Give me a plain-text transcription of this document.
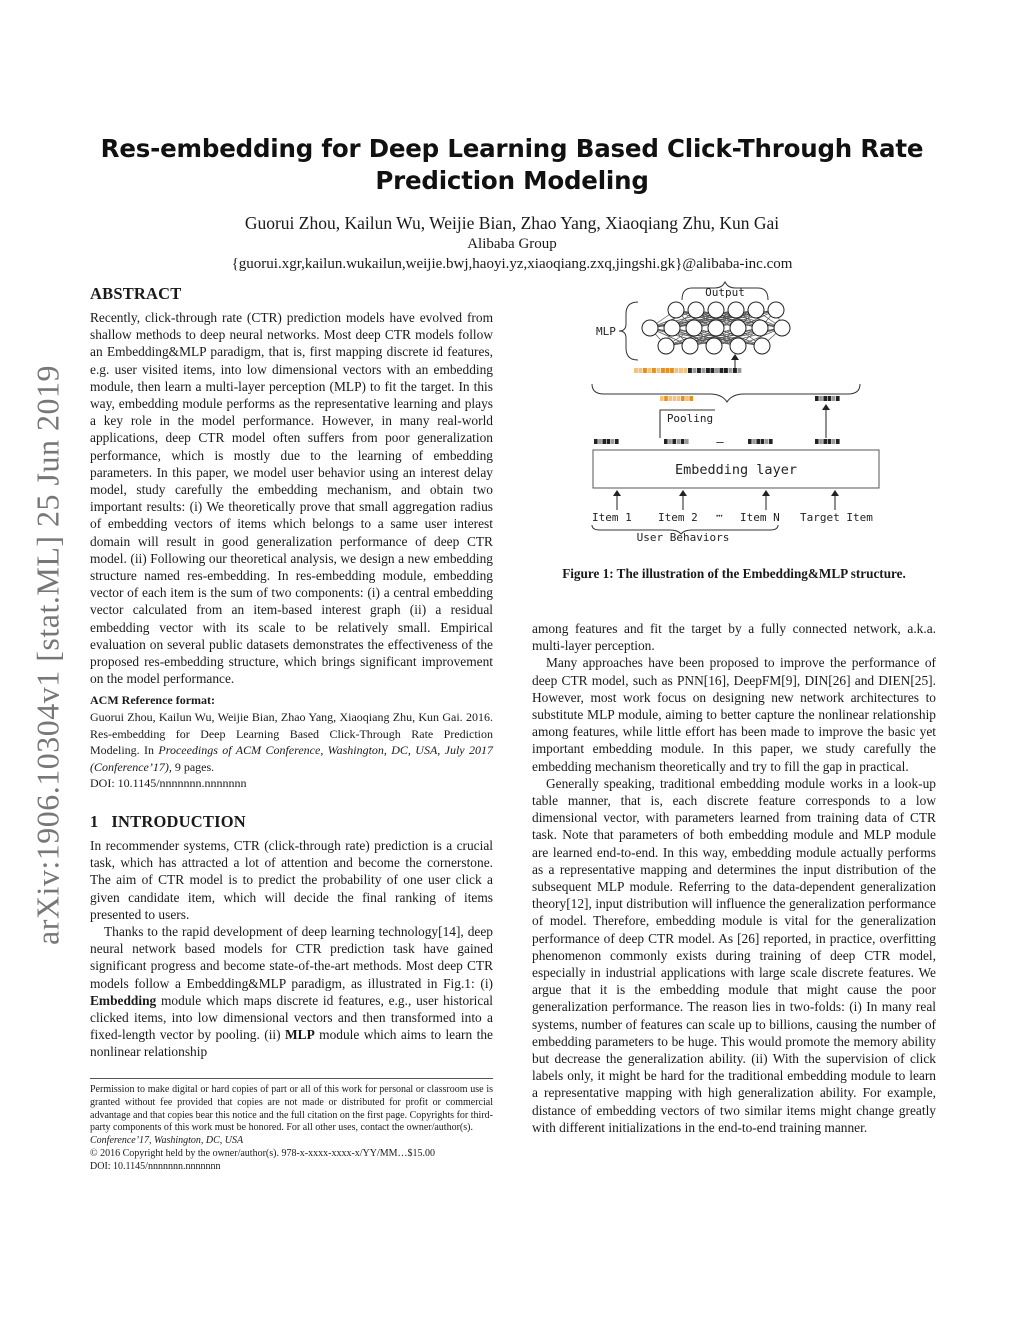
Res-embedding for Deep Learning Based Click-Through Rate Prediction Modeling
Guorui Zhou, Kailun Wu, Weijie Bian, Zhao Yang, Xiaoqiang Zhu, Kun Gai
Alibaba Group
{guorui.xgr,kailun.wukailun,weijie.bwj,haoyi.yz,xiaoqiang.zxq,jingshi.gk}@alibaba-inc.com
arXiv:1906.10304v1 [stat.ML] 25 Jun 2019
ABSTRACT

Recently, click-through rate (CTR) prediction models have evolved from shallow methods to deep neural networks. Most deep CTR models follow an Embedding&MLP paradigm, that is, first mapping discrete id features, e.g. user visited items, into low dimensional vectors with an embedding module, then learn a multi-layer perception (MLP) to fit the target. In this way, embedding module performs as the representative learning and plays a key role in the model performance. However, in many real-world applications, deep CTR model often suffers from poor generalization performance, which is mostly due to the learning of embedding parameters. In this paper, we model user behavior using an interest delay model, study carefully the embedding mechanism, and obtain two important results: (i) We theoretically prove that small aggregation radius of embedding vectors of items which belongs to a same user interest domain will result in good generalization performance of deep CTR model. (ii) Following our theoretical analysis, we design a new embedding structure named res-embedding. In res-embedding module, embedding vector of each item is the sum of two components: (i) a central embedding vector calculated from an item-based interest graph (ii) a residual embedding vector with its scale to be relatively small. Empirical evaluation on several public datasets demonstrates the effectiveness of the proposed res-embedding structure, which brings significant improvement on the model performance.

ACM Reference format:

Guorui Zhou, Kailun Wu, Weijie Bian, Zhao Yang, Xiaoqiang Zhu, Kun Gai. 2016. Res-embedding for Deep Learning Based Click-Through Rate Prediction Modeling. In Proceedings of ACM Conference, Washington, DC, USA, July 2017 (Conference’17), 9 pages.
DOI: 10.1145/nnnnnnn.nnnnnnn

1   INTRODUCTION

In recommender systems, CTR (click-through rate) prediction is a crucial task, which has attracted a lot of attention and become the cornerstone. The aim of CTR model is to predict the probability of one user click a given candidate item, which will decide the final ranking of items presented to users.

Thanks to the rapid development of deep learning technology[14], deep neural network based models for CTR prediction task have gained significant progress and become state-of-the-art methods. Most deep CTR models follow a Embedding&MLP paradigm, as illustrated in Fig.1: (i) Embedding module which maps discrete id features, e.g., user historical clicked items, into low dimensional vectors and then transformed into a fixed-length vector by pooling. (ii) MLP module which aims to learn the nonlinear relationship

Permission to make digital or hard copies of part or all of this work for personal or classroom use is granted without fee provided that copies are not made or distributed for profit or commercial advantage and that copies bear this notice and the full citation on the first page. Copyrights for third-party components of this work must be honored. For all other uses, contact the owner/author(s).

Conference’17, Washington, DC, USA

© 2016 Copyright held by the owner/author(s). 978-x-xxxx-xxxx-x/YY/MM…$15.00

DOI: 10.1145/nnnnnnn.nnnnnnn

Output
MLP
Pooling
–
Embedding layer
Item 1 Item 2 ⋯ Item N Target Item
User Behaviors
Figure 1: The illustration of the Embedding&MLP structure.

among features and fit the target by a fully connected network, a.k.a. multi-layer perception.

Many approaches have been proposed to improve the performance of deep CTR model, such as PNN[16], DeepFM[9], DIN[26] and DIEN[25]. However, most work focus on designing new network architectures to substitute MLP module, aiming to better capture the nonlinear relationship among features, while little effort has been made to improve the basic yet important embedding module. In this paper, we study carefully the embedding mechanism theoretically and try to fill the gap in practical.

Generally speaking, traditional embedding module works in a look-up table manner, that is, each discrete feature corresponds to a low dimensional vector, with parameters learned from training data of CTR task. Note that parameters of both embedding module and MLP module are learned end-to-end. In this way, embedding module actually performs as a representative mapping and determines the input distribution of the subsequent MLP module. Referring to the data-dependent generalization theory[12], input distribution will influence the generalization performance of model. Therefore, embedding module is vital for the generalization performance of deep CTR model. As [26] reported, in practice, overfitting phenomenon commonly exists during training of deep CTR model, especially in industrial applications with large scale discrete features. We argue that it is the embedding module that might cause the poor generalization performance. The reason lies in two-folds: (i) In many real systems, number of features can scale up to billions, causing the number of embedding parameters to be huge. This would promote the memory ability but decrease the generalization ability. (ii) With the supervision of click labels only, it might be hard for the traditional embedding module to learn a representative mapping with high generalization ability. For example, distance of embedding vectors of two similar items might change greatly with different initializations in the end-to-end training manner.
